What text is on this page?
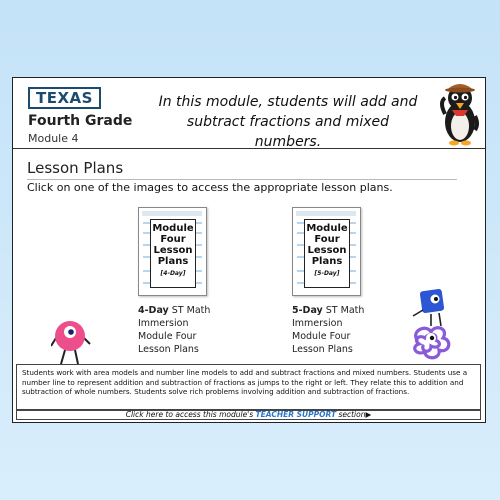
TEXAS
Fourth Grade
Module 4
In this module, students will add and subtract fractions and mixed numbers.
Lesson Plans
Click on one of the images to access the appropriate lesson plans.
Module
Four
Lesson
Plans
[4-Day]
4-Day ST Math
Immersion
Module Four
Lesson Plans
Module
Four
Lesson
Plans
[5-Day]
5-Day ST Math
Immersion
Module Four
Lesson Plans
Students work with area models and number line models to add and subtract fractions and mixed numbers. Students use a number line to represent addition and subtraction of fractions as jumps to the right or left. They relate this to addition and subtraction of whole numbers. Students solve rich problems involving addition and subtraction of fractions.
Click here to access this module's TEACHER SUPPORT section▶
